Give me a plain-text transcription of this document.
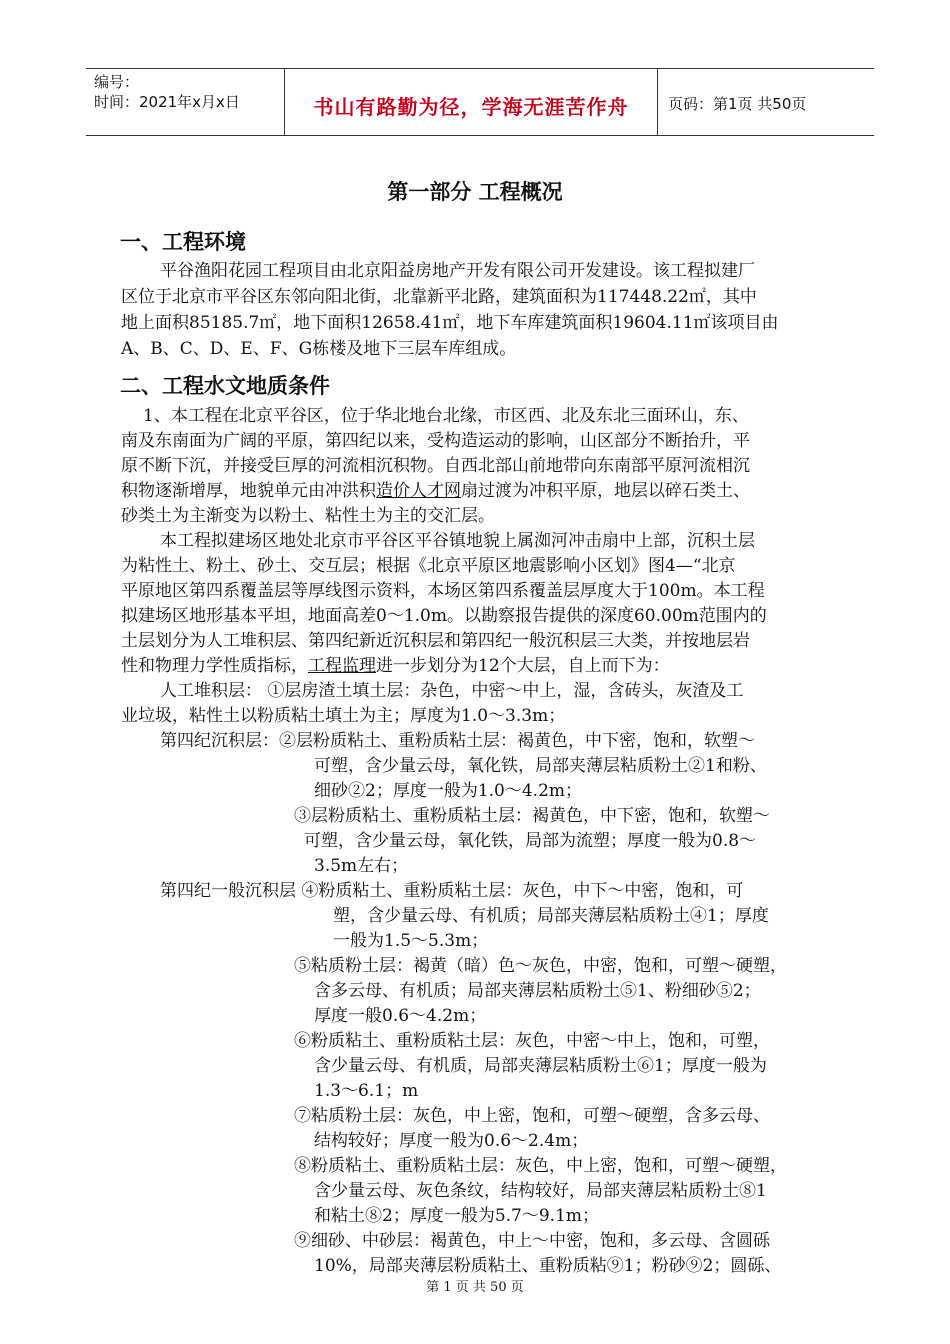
编号：
时间：2021年x月x日	书山有路勤为径，学海无涯苦作舟	页码：第1页 共50页
第一部分 工程概况
一、工程环境
平谷渔阳花园工程项目由北京阳益房地产开发有限公司开发建设。该工程拟建厂
区位于北京市平谷区东邻向阳北街，北靠新平北路，建筑面积为117448.22㎡，其中
地上面积85185.7㎡，地下面积12658.41㎡，地下车库建筑面积19604.11㎡该项目由
A、B、C、D、E、F、G栋楼及地下三层车库组成。
二、工程水文地质条件
1、本工程在北京平谷区，位于华北地台北缘，市区西、北及东北三面环山，东、
南及东南面为广阔的平原，第四纪以来，受构造运动的影响，山区部分不断抬升，平
原不断下沉，并接受巨厚的河流相沉积物。自西北部山前地带向东南部平原河流相沉
积物逐渐增厚，地貌单元由冲洪积造价人才网扇过渡为冲积平原，地层以碎石类土、
砂类土为主渐变为以粉土、粘性土为主的交汇层。
本工程拟建场区地处北京市平谷区平谷镇地貌上属洳河冲击扇中上部，沉积土层
为粘性土、粉土、砂土、交互层；根据《北京平原区地震影响小区划》图4—“北京
平原地区第四系覆盖层等厚线图示资料，本场区第四系覆盖层厚度大于100m。本工程
拟建场区地形基本平坦，地面高差0～1.0m。以勘察报告提供的深度60.00m范围内的
土层划分为人工堆积层、第四纪新近沉积层和第四纪一般沉积层三大类，并按地层岩
性和物理力学性质指标，工程监理进一步划分为12个大层，自上而下为：
人工堆积层： ①层房渣土填土层：杂色，中密～中上，湿，含砖头，灰渣及工
业垃圾，粘性土以粉质粘土填土为主；厚度为1.0～3.3m；
第四纪沉积层：②层粉质粘土、重粉质粘土层：褐黄色，中下密，饱和，软塑～
可塑，含少量云母，氧化铁，局部夹薄层粘质粉土②1和粉、
细砂②2；厚度一般为1.0～4.2m；
③层粉质粘土、重粉质粘土层：褐黄色，中下密，饱和，软塑～
可塑，含少量云母，氧化铁，局部为流塑；厚度一般为0.8～
3.5m左右；
第四纪一般沉积层 ④粉质粘土、重粉质粘土层：灰色，中下～中密，饱和，可
塑，含少量云母、有机质；局部夹薄层粘质粉土④1；厚度
一般为1.5～5.3m；
⑤粘质粉土层：褐黄（暗）色～灰色，中密，饱和，可塑～硬塑，
含多云母、有机质；局部夹薄层粘质粉土⑤1、粉细砂⑤2；
厚度一般0.6～4.2m；
⑥粉质粘土、重粉质粘土层：灰色，中密～中上，饱和，可塑，
含少量云母、有机质，局部夹薄层粘质粉土⑥1；厚度一般为
1.3～6.1；m
⑦粘质粉土层：灰色，中上密，饱和，可塑～硬塑，含多云母、
结构较好；厚度一般为0.6～2.4m；
⑧粉质粘土、重粉质粘土层：灰色，中上密，饱和，可塑～硬塑，
含少量云母、灰色条纹，结构较好，局部夹薄层粘质粉土⑧1
和粘土⑧2；厚度一般为5.7～9.1m；
⑨细砂、中砂层：褐黄色，中上～中密，饱和，多云母、含圆砾
10%，局部夹薄层粉质粘土、重粉质粘⑨1；粉砂⑨2；圆砾、
第 1 页 共 50 页
